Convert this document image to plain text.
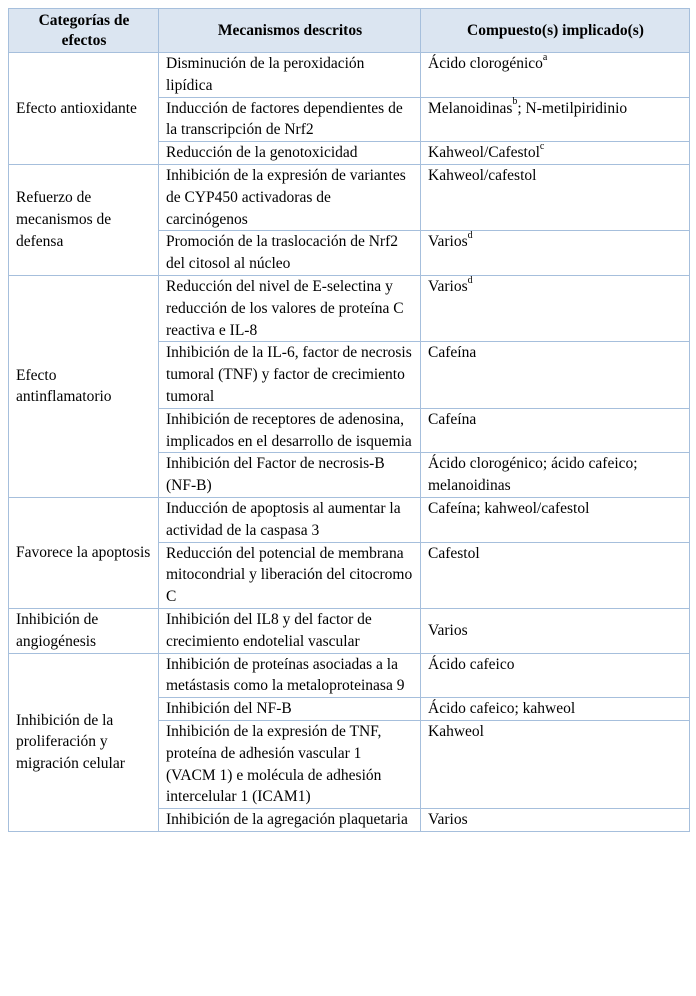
Categorías de efectos	Mecanismos descritos	Compuesto(s) implicado(s)
Efecto antioxidante	Disminución de la peroxidación lipídica	Ácido clorogénico$^a$
	Inducción de factores dependientes de la transcripción de Nrf2	Melanoidinas$^b$; N-metilpiridinio
	Reducción de la genotoxicidad	Kahweol/Cafestol$^c$
Refuerzo de mecanismos de defensa	Inhibición de la expresión de variantes de CYP450 activadoras de carcinógenos	Kahweol/cafestol
	Promoción de la traslocación de Nrf2 del citosol al núcleo	Varios$^d$
Efecto antinflamatorio	Reducción del nivel de E-selectina y reducción de los valores de proteína C reactiva e IL-8	Varios$^d$
	Inhibición de la IL-6, factor de necrosis tumoral (TNF) y factor de crecimiento tumoral	Cafeína
	Inhibición de receptores de adenosina, implicados en el desarrollo de isquemia	Cafeína
	Inhibición del Factor de necrosis-B (NF-B)	Ácido clorogénico; ácido cafeico; melanoidinas
Favorece la apoptosis	Inducción de apoptosis al aumentar la actividad de la caspasa 3	Cafeína; kahweol/cafestol
	Reducción del potencial de membrana mitocondrial y liberación del citocromo C	Cafestol
Inhibición de angiogénesis	Inhibición del IL8 y del factor de crecimiento endotelial vascular	Varios
Inhibición de la proliferación y migración celular	Inhibición de proteínas asociadas a la metástasis como la metaloproteinasa 9	Ácido cafeico
	Inhibición del NF-B	Ácido cafeico; kahweol
	Inhibición de la expresión de TNF, proteína de adhesión vascular 1 (VACM 1) e molécula de adhesión intercelular 1 (ICAM1)	Kahweol
	Inhibición de la agregación plaquetaria	Varios
